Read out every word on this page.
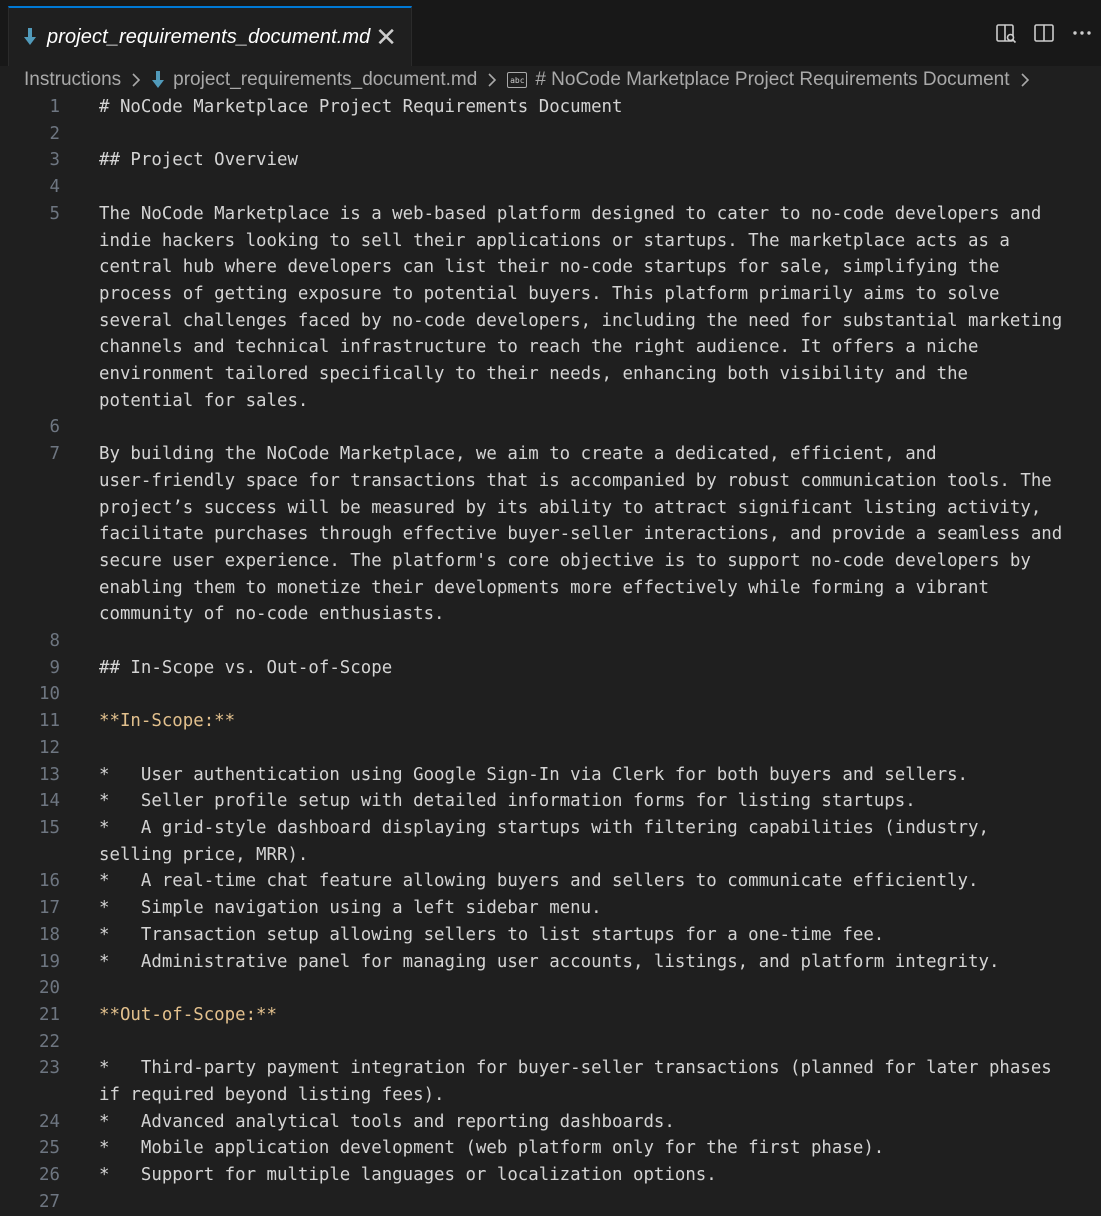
project_requirements_document.md ✕
Instructions	project_requirements_document.md	abc # NoCode Marketplace Project Requirements Document
1 # NoCode Marketplace Project Requirements Document
2
3 ## Project Overview
4
5 The NoCode Marketplace is a web-based platform designed to cater to no-code developers and
indie hackers looking to sell their applications or startups. The marketplace acts as a
central hub where developers can list their no-code startups for sale, simplifying the
process of getting exposure to potential buyers. This platform primarily aims to solve
several challenges faced by no-code developers, including the need for substantial marketing
channels and technical infrastructure to reach the right audience. It offers a niche
environment tailored specifically to their needs, enhancing both visibility and the
potential for sales.
6
7 By building the NoCode Marketplace, we aim to create a dedicated, efficient, and
user-friendly space for transactions that is accompanied by robust communication tools. The
project’s success will be measured by its ability to attract significant listing activity,
facilitate purchases through effective buyer-seller interactions, and provide a seamless and
secure user experience. The platform's core objective is to support no-code developers by
enabling them to monetize their developments more effectively while forming a vibrant
community of no-code enthusiasts.
8
9 ## In-Scope vs. Out-of-Scope
10
11 **In-Scope:**
12
13 *   User authentication using Google Sign-In via Clerk for both buyers and sellers.
14 *   Seller profile setup with detailed information forms for listing startups.
15 *   A grid-style dashboard displaying startups with filtering capabilities (industry,
selling price, MRR).
16 *   A real-time chat feature allowing buyers and sellers to communicate efficiently.
17 *   Simple navigation using a left sidebar menu.
18 *   Transaction setup allowing sellers to list startups for a one-time fee.
19 *   Administrative panel for managing user accounts, listings, and platform integrity.
20
21 **Out-of-Scope:**
22
23 *   Third-party payment integration for buyer-seller transactions (planned for later phases
if required beyond listing fees).
24 *   Advanced analytical tools and reporting dashboards.
25 *   Mobile application development (web platform only for the first phase).
26 *   Support for multiple languages or localization options.
27
